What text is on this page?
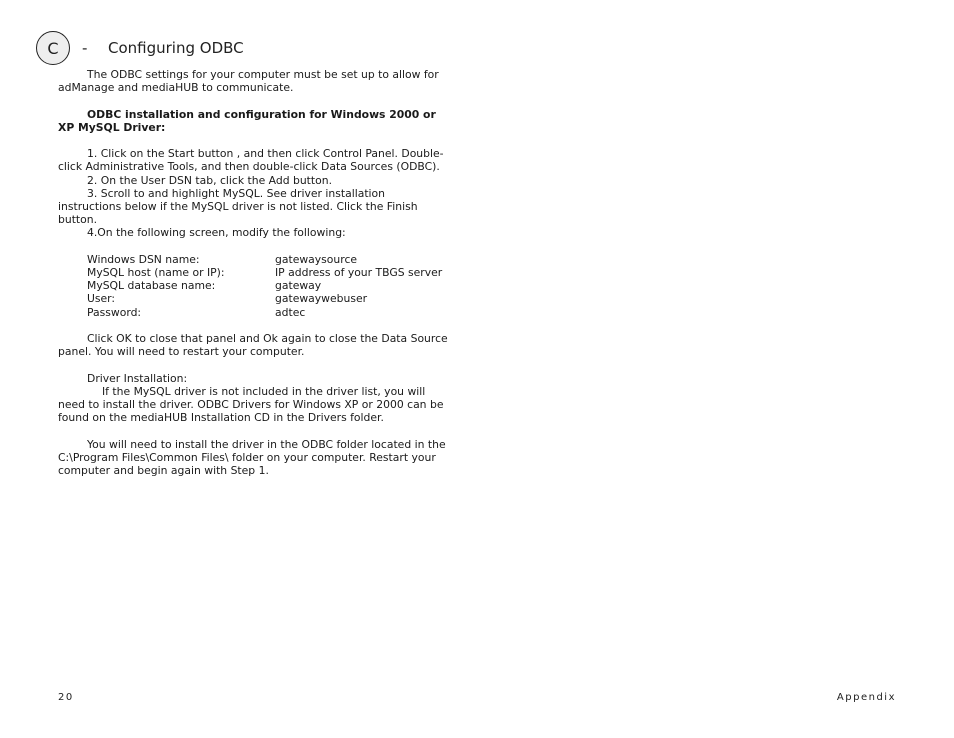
C - Configuring ODBC

The ODBC settings for your computer must be set up to allow for

adManage and mediaHUB to communicate.

ODBC installation and configuration for Windows 2000 or

XP MySQL Driver:

1. Click on the Start button , and then click Control Panel. Double-

click Administrative Tools, and then double-click Data Sources (ODBC).

2. On the User DSN tab, click the Add button.

3. Scroll to and highlight MySQL. See driver installation

instructions below if the MySQL driver is not listed. Click the Finish

button.

4.On the following screen, modify the following:

Windows DSN name:	gatewaysource
MySQL host (name or IP):	IP address of your TBGS server
MySQL database name:	gateway
User:	gatewaywebuser
Password:	adtec

Click OK to close that panel and Ok again to close the Data Source

panel. You will need to restart your computer.

Driver Installation:

If the MySQL driver is not included in the driver list, you will

need to install the driver. ODBC Drivers for Windows XP or 2000 can be

found on the mediaHUB Installation CD in the Drivers folder.

You will need to install the driver in the ODBC folder located in the

C:\Program Files\Common Files\ folder on your computer. Restart your

computer and begin again with Step 1.

20	Appendix
